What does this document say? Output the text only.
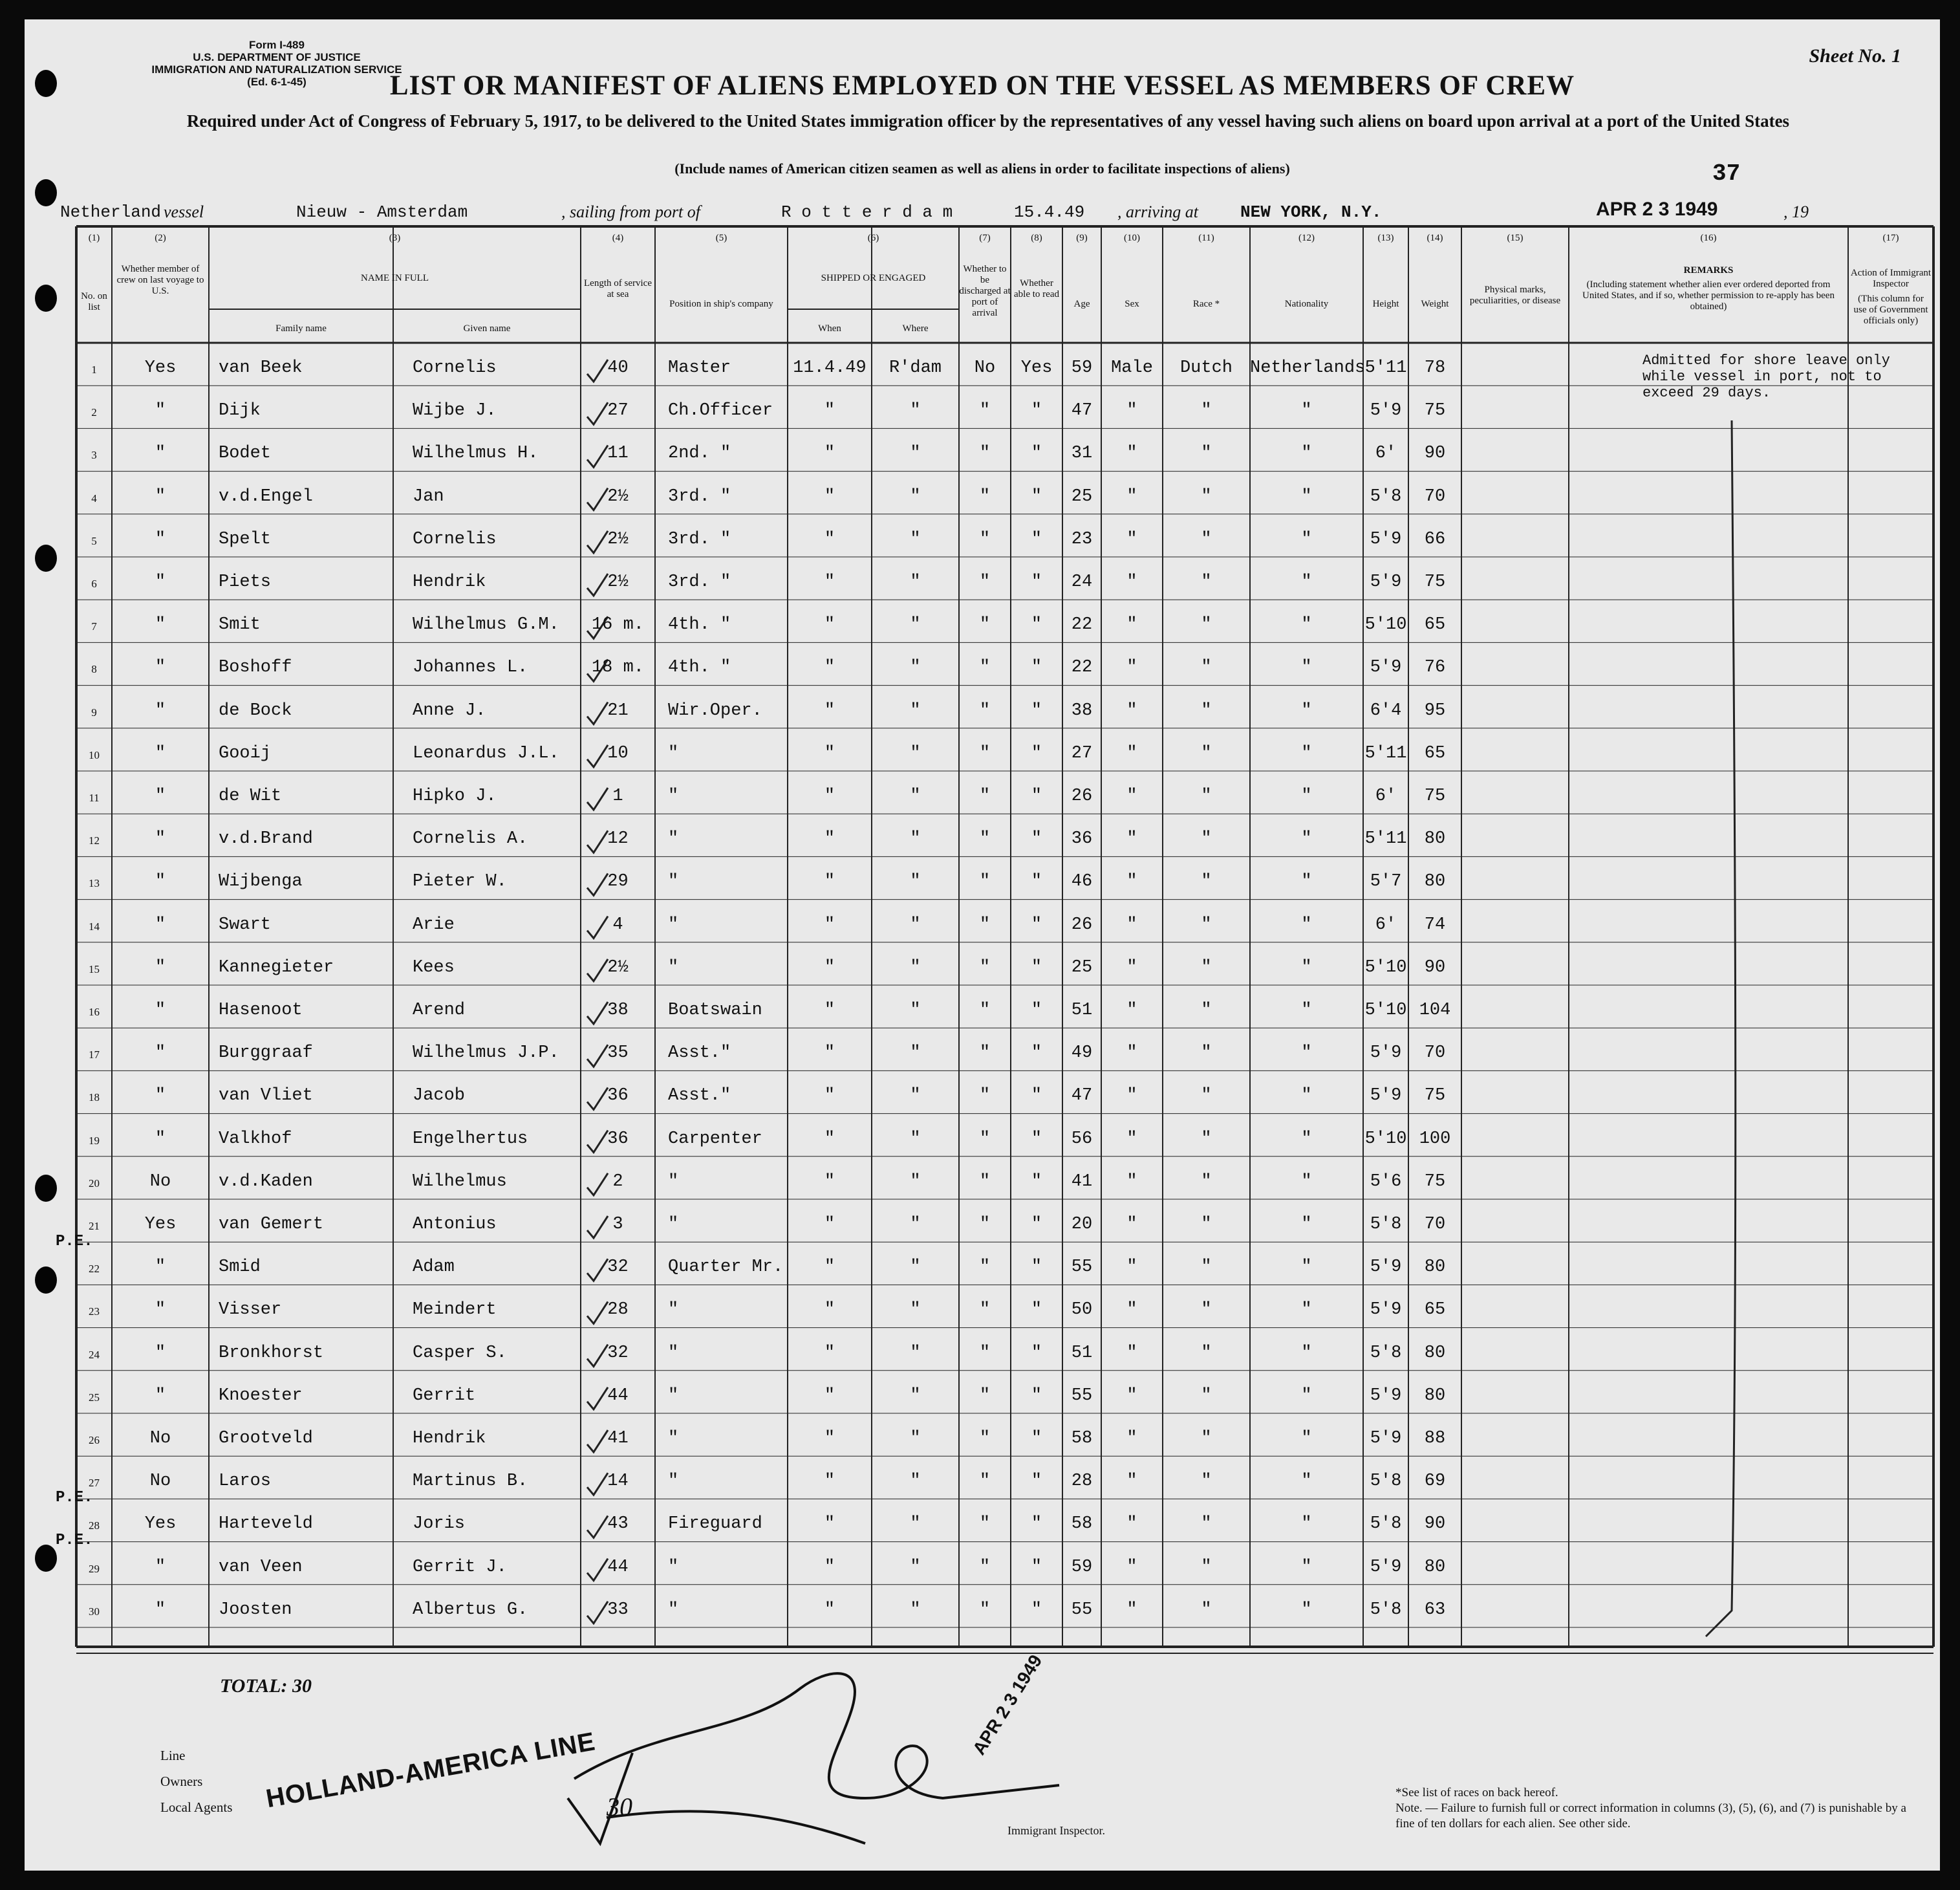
Form I-489
U.S. DEPARTMENT OF JUSTICE
IMMIGRATION AND NATURALIZATION SERVICE
(Ed. 6-1-45)
Sheet No. 1
LIST OR MANIFEST OF ALIENS EMPLOYED ON THE VESSEL AS MEMBERS OF CREW
Required under Act of Congress of February 5, 1917, to be delivered to the United States immigration officer by the representatives of any vessel having such aliens on board upon arrival at a port of the United States
(Include names of American citizen seamen as well as aliens in order to facilitate inspections of aliens)	37
Netherland vessel	Nieuw - Amsterdam	, sailing from port of	R o t t e r d a m	15.4.49 , arriving at	NEW YORK, N.Y.	APR 2 3 1949	, 19
(1)	(2)	(3)	(4)	(5)	(6)	(7)	(8)	(9)	(10)	(11)	(12)	(13)	(14)	(15)	(16)	(17)
No. on list
Whether member of crew on last voyage to U.S.
NAME IN FULL
Family name	Given name
Length of service at sea
Position in ship's company
SHIPPED OR ENGAGED
When	Where
Whether to be discharged at port of arrival
Whether able to read
Age	Sex	Race *	Nationality	Height	Weight
Physical marks, peculiarities, or disease
REMARKS
(Including statement whether alien ever ordered deported from United States, and if so, whether permission to re-apply has been obtained)
Action of Immigrant Inspector
(This column for use of Government officials only)
1	Yes	van Beek	Cornelis	40	Master	11.4.49	R'dam	No	Yes	59	Male	Dutch	Netherlands 5'11	78
2	"	Dijk	Wijbe J.	27	Ch.Officer	"	"	"	"	47	"	"	"	5'9	75
3	"	Bodet	Wilhelmus H.	11	2nd. "	"	"	"	"	31	"	"	"	6'	90
4	"	v.d.Engel	Jan	2½	3rd. "	"	"	"	"	25	"	"	"	5'8	70
5	"	Spelt	Cornelis	2½	3rd. "	"	"	"	"	23	"	"	"	5'9	66
6	"	Piets	Hendrik	2½	3rd. "	"	"	"	"	24	"	"	"	5'9	75
7	"	Smit	Wilhelmus G.M.	16 m.	4th. "	"	"	"	"	22	"	"	"	5'10	65
8	"	Boshoff	Johannes L.	18 m.	4th. "	"	"	"	"	22	"	"	"	5'9	76
9	"	de Bock	Anne J.	21	Wir.Oper.	"	"	"	"	38	"	"	"	6'4	95
10	"	Gooij	Leonardus J.L.	10	"	"	"	"	"	27	"	"	"	5'11	65
11	"	de Wit	Hipko J.	1	"	"	"	"	"	26	"	"	"	6'	75
12	"	v.d.Brand	Cornelis A.	12	"	"	"	"	"	36	"	"	"	5'11	80
13	"	Wijbenga	Pieter W.	29	"	"	"	"	"	46	"	"	"	5'7	80
14	"	Swart	Arie	4	"	"	"	"	"	26	"	"	"	6'	74
15	"	Kannegieter	Kees	2½	"	"	"	"	"	25	"	"	"	5'10	90
16	"	Hasenoot	Arend	38	Boatswain	"	"	"	"	51	"	"	"	5'10 104
17	"	Burggraaf	Wilhelmus J.P.	35	Asst."	"	"	"	"	49	"	"	"	5'9	70
18	"	van Vliet	Jacob	36	Asst."	"	"	"	"	47	"	"	"	5'9	75
19	"	Valkhof	Engelhertus	36	Carpenter	"	"	"	"	56	"	"	"	5'10 100
20	No	v.d.Kaden	Wilhelmus	2	"	"	"	"	"	41	"	"	"	5'6	75
21	Yes	van Gemert	Antonius	3	"	"	"	"	"	20	"	"	"	5'8	70
22	"	Smid	Adam	32	Quarter Mr.	"	"	"	"	55	"	"	"	5'9	80
23	"	Visser	Meindert	28	"	"	"	"	"	50	"	"	"	5'9	65
24	"	Bronkhorst	Casper S.	32	"	"	"	"	"	51	"	"	"	5'8	80
25	"	Knoester	Gerrit	44	"	"	"	"	"	55	"	"	"	5'9	80
26	No	Grootveld	Hendrik	41	"	"	"	"	"	58	"	"	"	5'9	88
27	No	Laros	Martinus B.	14	"	"	"	"	"	28	"	"	"	5'8	69
28	Yes	Harteveld	Joris	43	Fireguard	"	"	"	"	58	"	"	"	5'8	90
29	"	van Veen	Gerrit J.	44	"	"	"	"	"	59	"	"	"	5'9	80
30	"	Joosten	Albertus G.	33	"	"	"	"	"	55	"	"	"	5'8	63
Admitted for shore leave only while vessel in port, not to exceed 29 days.
P.E.
P.E.
P.E.
TOTAL: 30
Line
Owners
Local Agents HOLLAND-AMERICA LINE 30
APR 2 3 1949
Immigrant Inspector.
*See list of races on back hereof.
Note. — Failure to furnish full or correct information in columns (3), (5), (6), and (7) is punishable by a fine of ten dollars for each alien. See other side.
